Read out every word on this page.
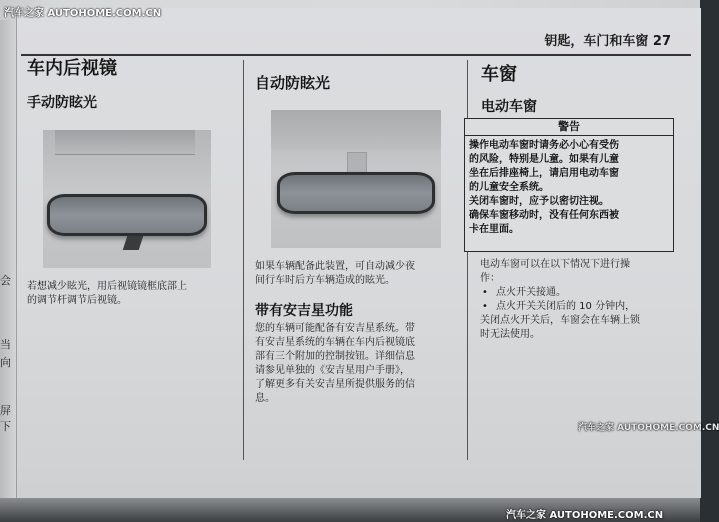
会
当
向
屏
下
钥匙，车门和车窗 27
车内后视镜
手动防眩光

若想减少眩光，用后视镜镜框底部上

的调节杆调节后视镜。

自动防眩光

如果车辆配备此装置，可自动减少夜

间行车时后方车辆造成的眩光。

带有安吉星功能

您的车辆可能配备有安吉星系统。带

有安吉星系统的车辆在车内后视镜底

部有三个附加的控制按钮。详细信息

请参见单独的《安吉星用户手册》，

了解更多有关安吉星所提供服务的信

息。

车窗
电动车窗
警告
操作电动车窗时请务必小心有受伤
的风险，特别是儿童。如果有儿童
坐在后排座椅上，请启用电动车窗
的儿童安全系统。
关闭车窗时，应予以密切注视。
确保车窗移动时，没有任何东西被
卡在里面。

电动车窗可以在以下情况下进行操

作：

• 点火开关接通。

• 点火开关关闭后的 10 分钟内，

关闭点火开关后，车窗会在车辆上锁

时无法使用。

汽车之家 AUTOHOME.COM.CN
汽车之家 AUTOHOME.COM.CN
汽车之家 AUTOHOME.COM.CN
